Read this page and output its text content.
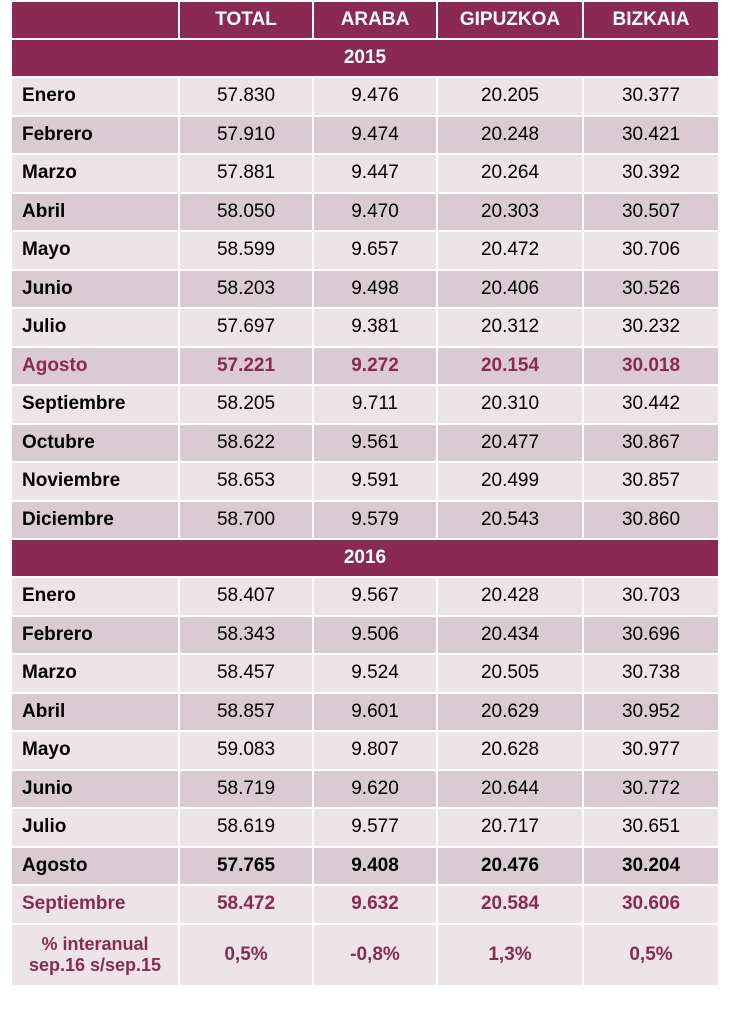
	TOTAL	ARABA	GIPUZKOA	BIZKAIA
2015				
Enero	57.830	9.476	20.205	30.377
Febrero	57.910	9.474	20.248	30.421
Marzo	57.881	9.447	20.264	30.392
Abril	58.050	9.470	20.303	30.507
Mayo	58.599	9.657	20.472	30.706
Junio	58.203	9.498	20.406	30.526
Julio	57.697	9.381	20.312	30.232
Agosto	57.221	9.272	20.154	30.018
Septiembre	58.205	9.711	20.310	30.442
Octubre	58.622	9.561	20.477	30.867
Noviembre	58.653	9.591	20.499	30.857
Diciembre	58.700	9.579	20.543	30.860
2016				
Enero	58.407	9.567	20.428	30.703
Febrero	58.343	9.506	20.434	30.696
Marzo	58.457	9.524	20.505	30.738
Abril	58.857	9.601	20.629	30.952
Mayo	59.083	9.807	20.628	30.977
Junio	58.719	9.620	20.644	30.772
Julio	58.619	9.577	20.717	30.651
Agosto	57.765	9.408	20.476	30.204
Septiembre	58.472	9.632	20.584	30.606
% interanual
sep.16 s/sep.15	0,5%	-0,8%	1,3%	0,5%
